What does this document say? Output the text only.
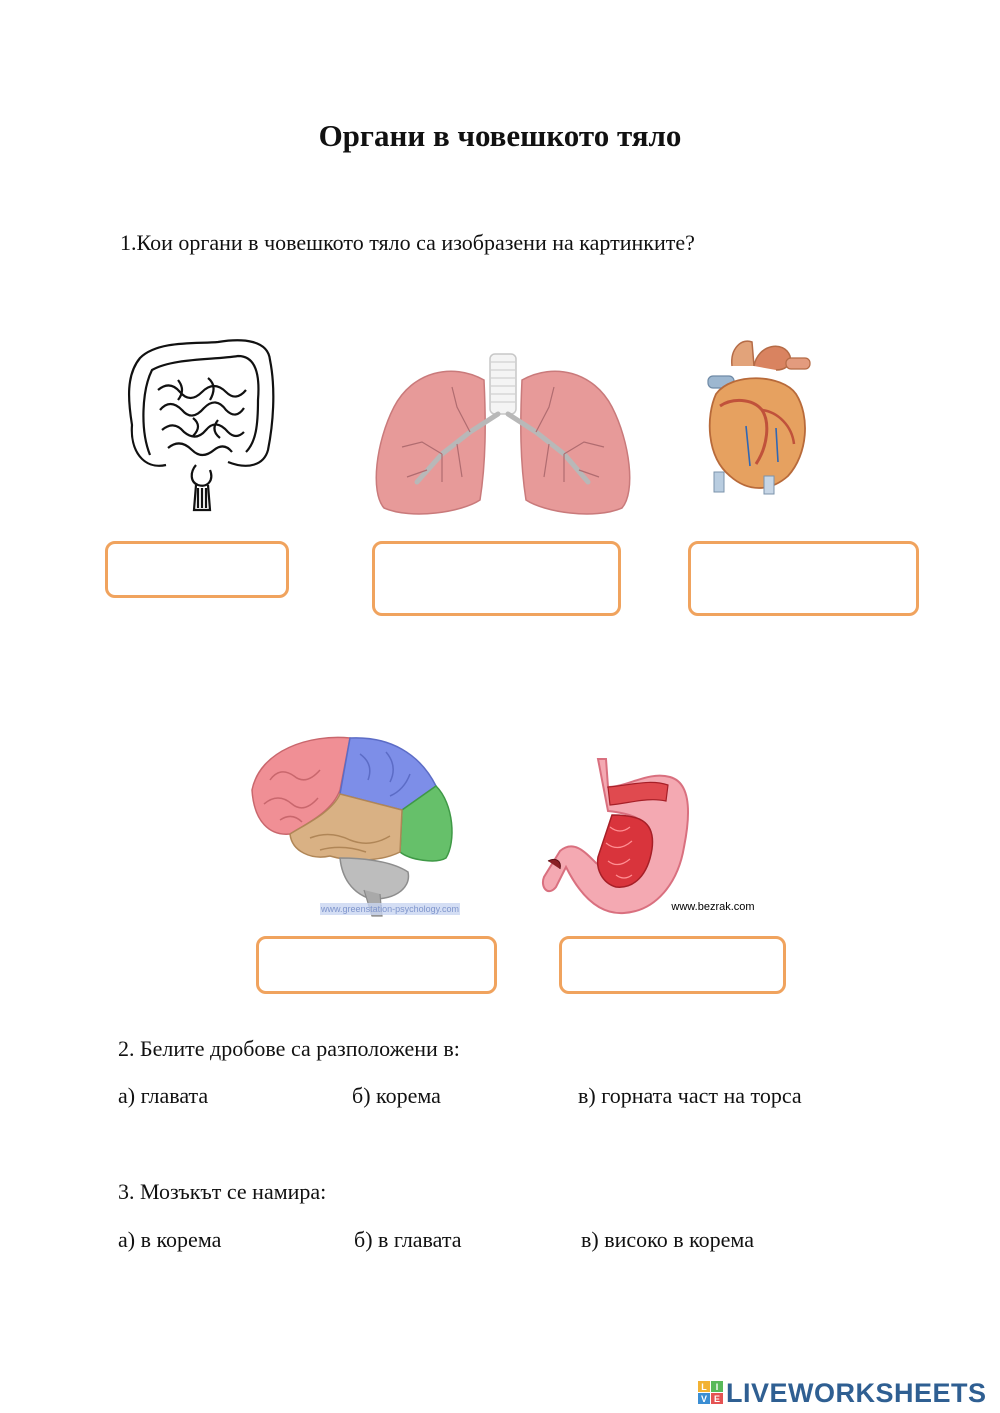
Органи в човешкото тяло
1.Кои органи в човешкото тяло са изобразени на картинките?
www.greenstation-psychology.com	www.bezrak.com
2. Белите дробове са разположени в:
а) главата	б) корема	в) горната част на торса
3. Мозъкът се намира:
а) в корема	б) в главата	в) високо в корема
L I
V E LIVEWORKSHEETS
